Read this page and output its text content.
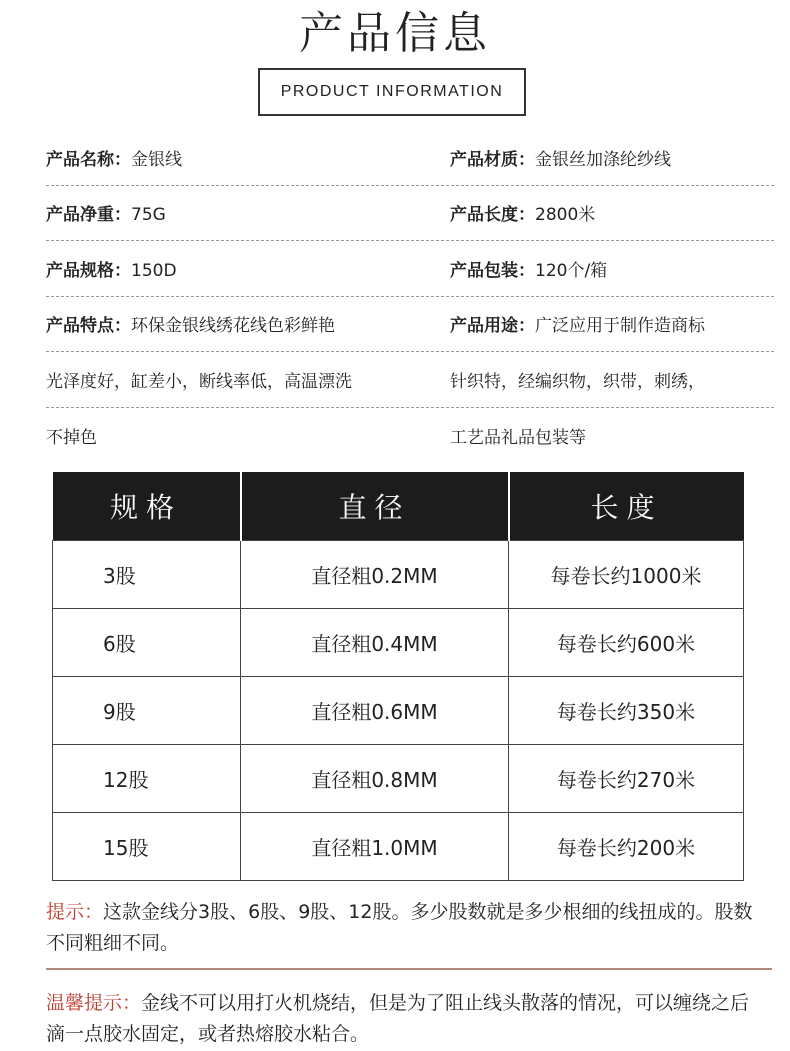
产品信息
PRODUCT INFORMATION
产品名称：金银线	产品材质：金银丝加涤纶纱线
产品净重：75G	产品长度：2800米
产品规格：150D	产品包装：120个/箱
产品特点：环保金银线绣花线色彩鲜艳	产品用途：广泛应用于制作造商标
光泽度好，缸差小，断线率低，高温漂洗	针织特，经编织物，织带，刺绣，
不掉色	工艺品礼品包装等
规格	直径	长度
3股	直径粗0.2MM	每卷长约1000米
6股	直径粗0.4MM	每卷长约600米
9股	直径粗0.6MM	每卷长约350米
12股	直径粗0.8MM	每卷长约270米
15股	直径粗1.0MM	每卷长约200米
提示：这款金线分3股、6股、9股、12股。多少股数就是多少根细的线扭成的。股数不同粗细不同。
温馨提示：金线不可以用打火机烧结，但是为了阻止线头散落的情况，可以缠绕之后滴一点胶水固定，或者热熔胶水粘合。
